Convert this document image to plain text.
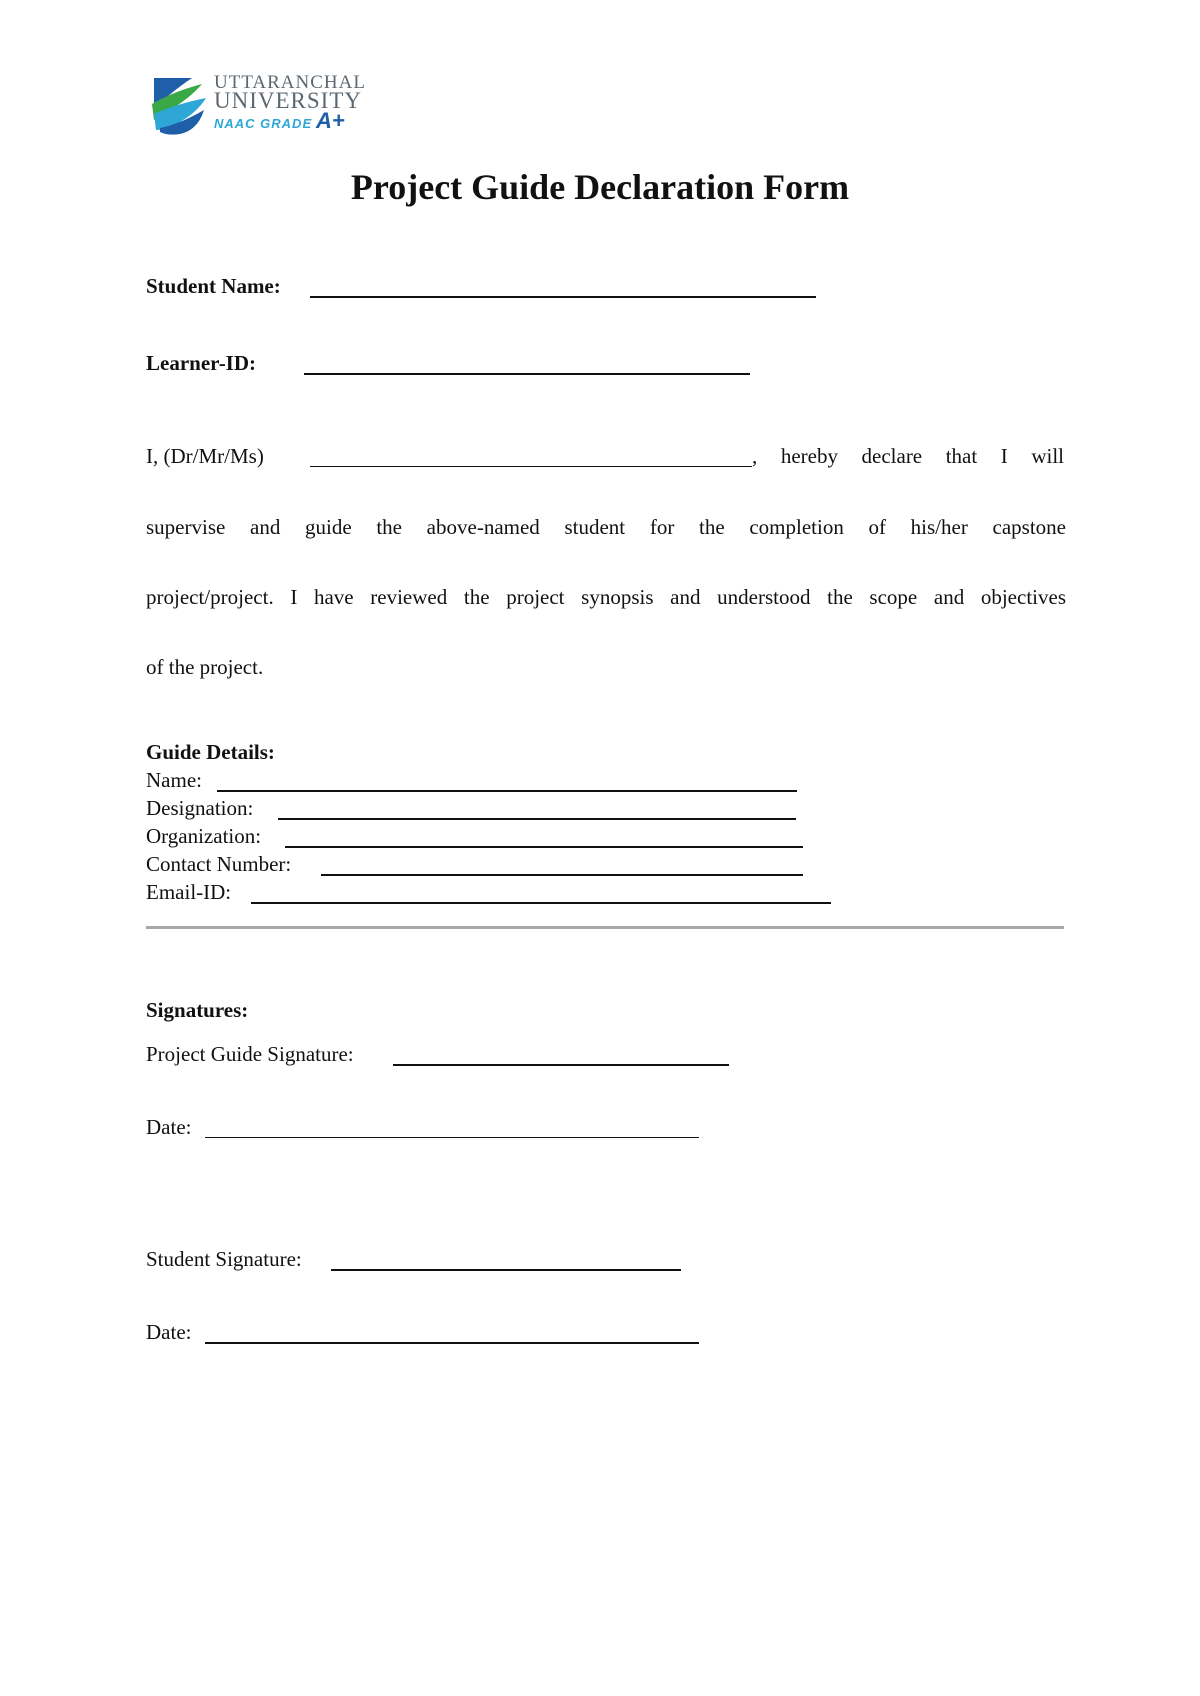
UTTARANCHAL
UNIVERSITY
NAAC GRADE A+
Project Guide Declaration Form
Student Name:
Learner-ID:
I, (Dr/Mr/Ms)	, hereby declare that I will
supervise and guide the above-named student for the completion of his/her capstone
project/project. I have reviewed the project synopsis and understood the scope and objectives
of the project.
Guide Details:
Name:
Designation:
Organization:
Contact Number:
Email-ID:
Signatures:
Project Guide Signature:
Date:
Student Signature:
Date:
